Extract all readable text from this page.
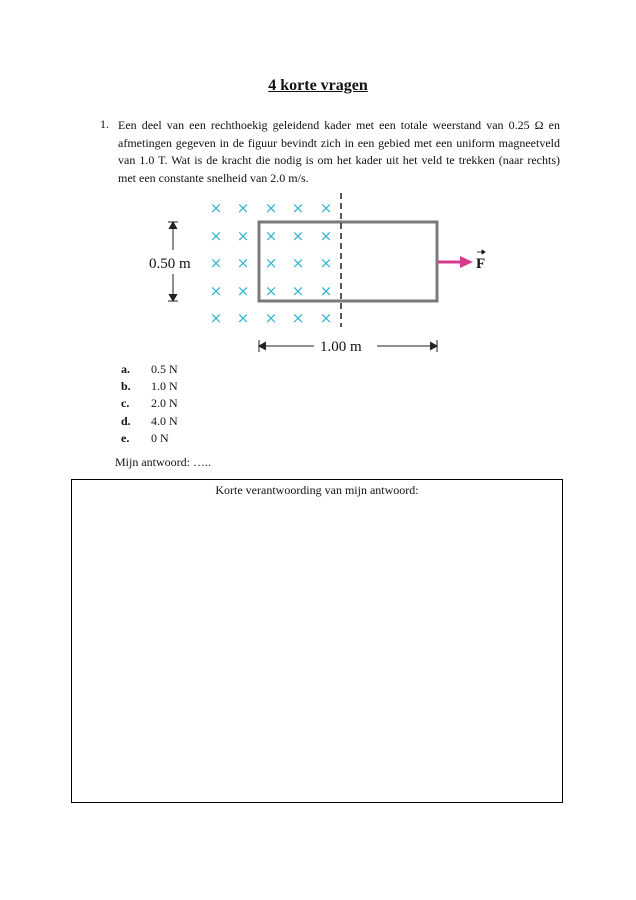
4 korte vragen
1. Een deel van een rechthoekig geleidend kader met een totale weerstand van 0.25 Ω en afmetingen gegeven in de figuur bevindt zich in een gebied met een uniform magneetveld van 1.0 T. Wat is de kracht die nodig is om het kader uit het veld te trekken (naar rechts) met een constante snelheid van 2.0 m/s.
× × × × ×
× × × × ×
× × × × ×
× × × × ×
× × × × ×
0.50 m
1.00 m
F
a. 0.5 N
b. 1.0 N
c. 2.0 N
d. 4.0 N
e. 0 N
Mijn antwoord: …..
Korte verantwoording van mijn antwoord:
